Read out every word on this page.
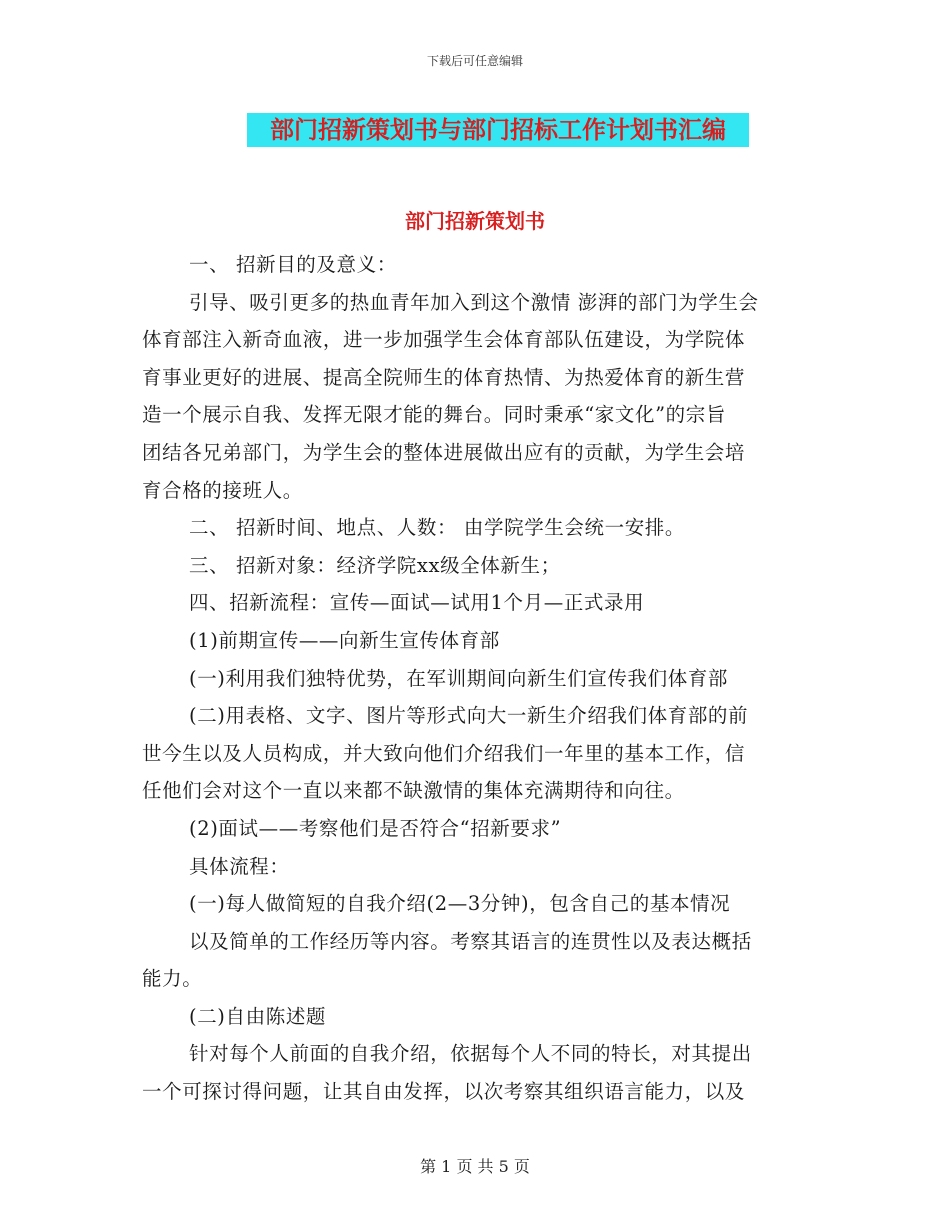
下载后可任意编辑
部门招新策划书与部门招标工作计划书汇编
部门招新策划书
一、 招新目的及意义：
引导、吸引更多的热血青年加入到这个激情 澎湃的部门为学生会
体育部注入新奇血液，进一步加强学生会体育部队伍建设，为学院体
育事业更好的进展、提高全院师生的体育热情、为热爱体育的新生营
造一个展示自我、发挥无限才能的舞台。同时秉承“家文化”的宗旨
团结各兄弟部门，为学生会的整体进展做出应有的贡献，为学生会培
育合格的接班人。
二、 招新时间、地点、人数： 由学院学生会统一安排。
三、 招新对象：经济学院xx级全体新生；
四、招新流程：宣传—面试—试用1个月—正式录用
(1)前期宣传——向新生宣传体育部
(一)利用我们独特优势，在军训期间向新生们宣传我们体育部
(二)用表格、文字、图片等形式向大一新生介绍我们体育部的前
世今生以及人员构成，并大致向他们介绍我们一年里的基本工作，信
任他们会对这个一直以来都不缺激情的集体充满期待和向往。
(2)面试——考察他们是否符合“招新要求”
具体流程：
(一)每人做简短的自我介绍(2—3分钟)，包含自己的基本情况
以及简单的工作经历等内容。考察其语言的连贯性以及表达概括
能力。
(二)自由陈述题
针对每个人前面的自我介绍，依据每个人不同的特长，对其提出
一个可探讨得问题，让其自由发挥，以次考察其组织语言能力，以及
第 1 页 共 5 页
